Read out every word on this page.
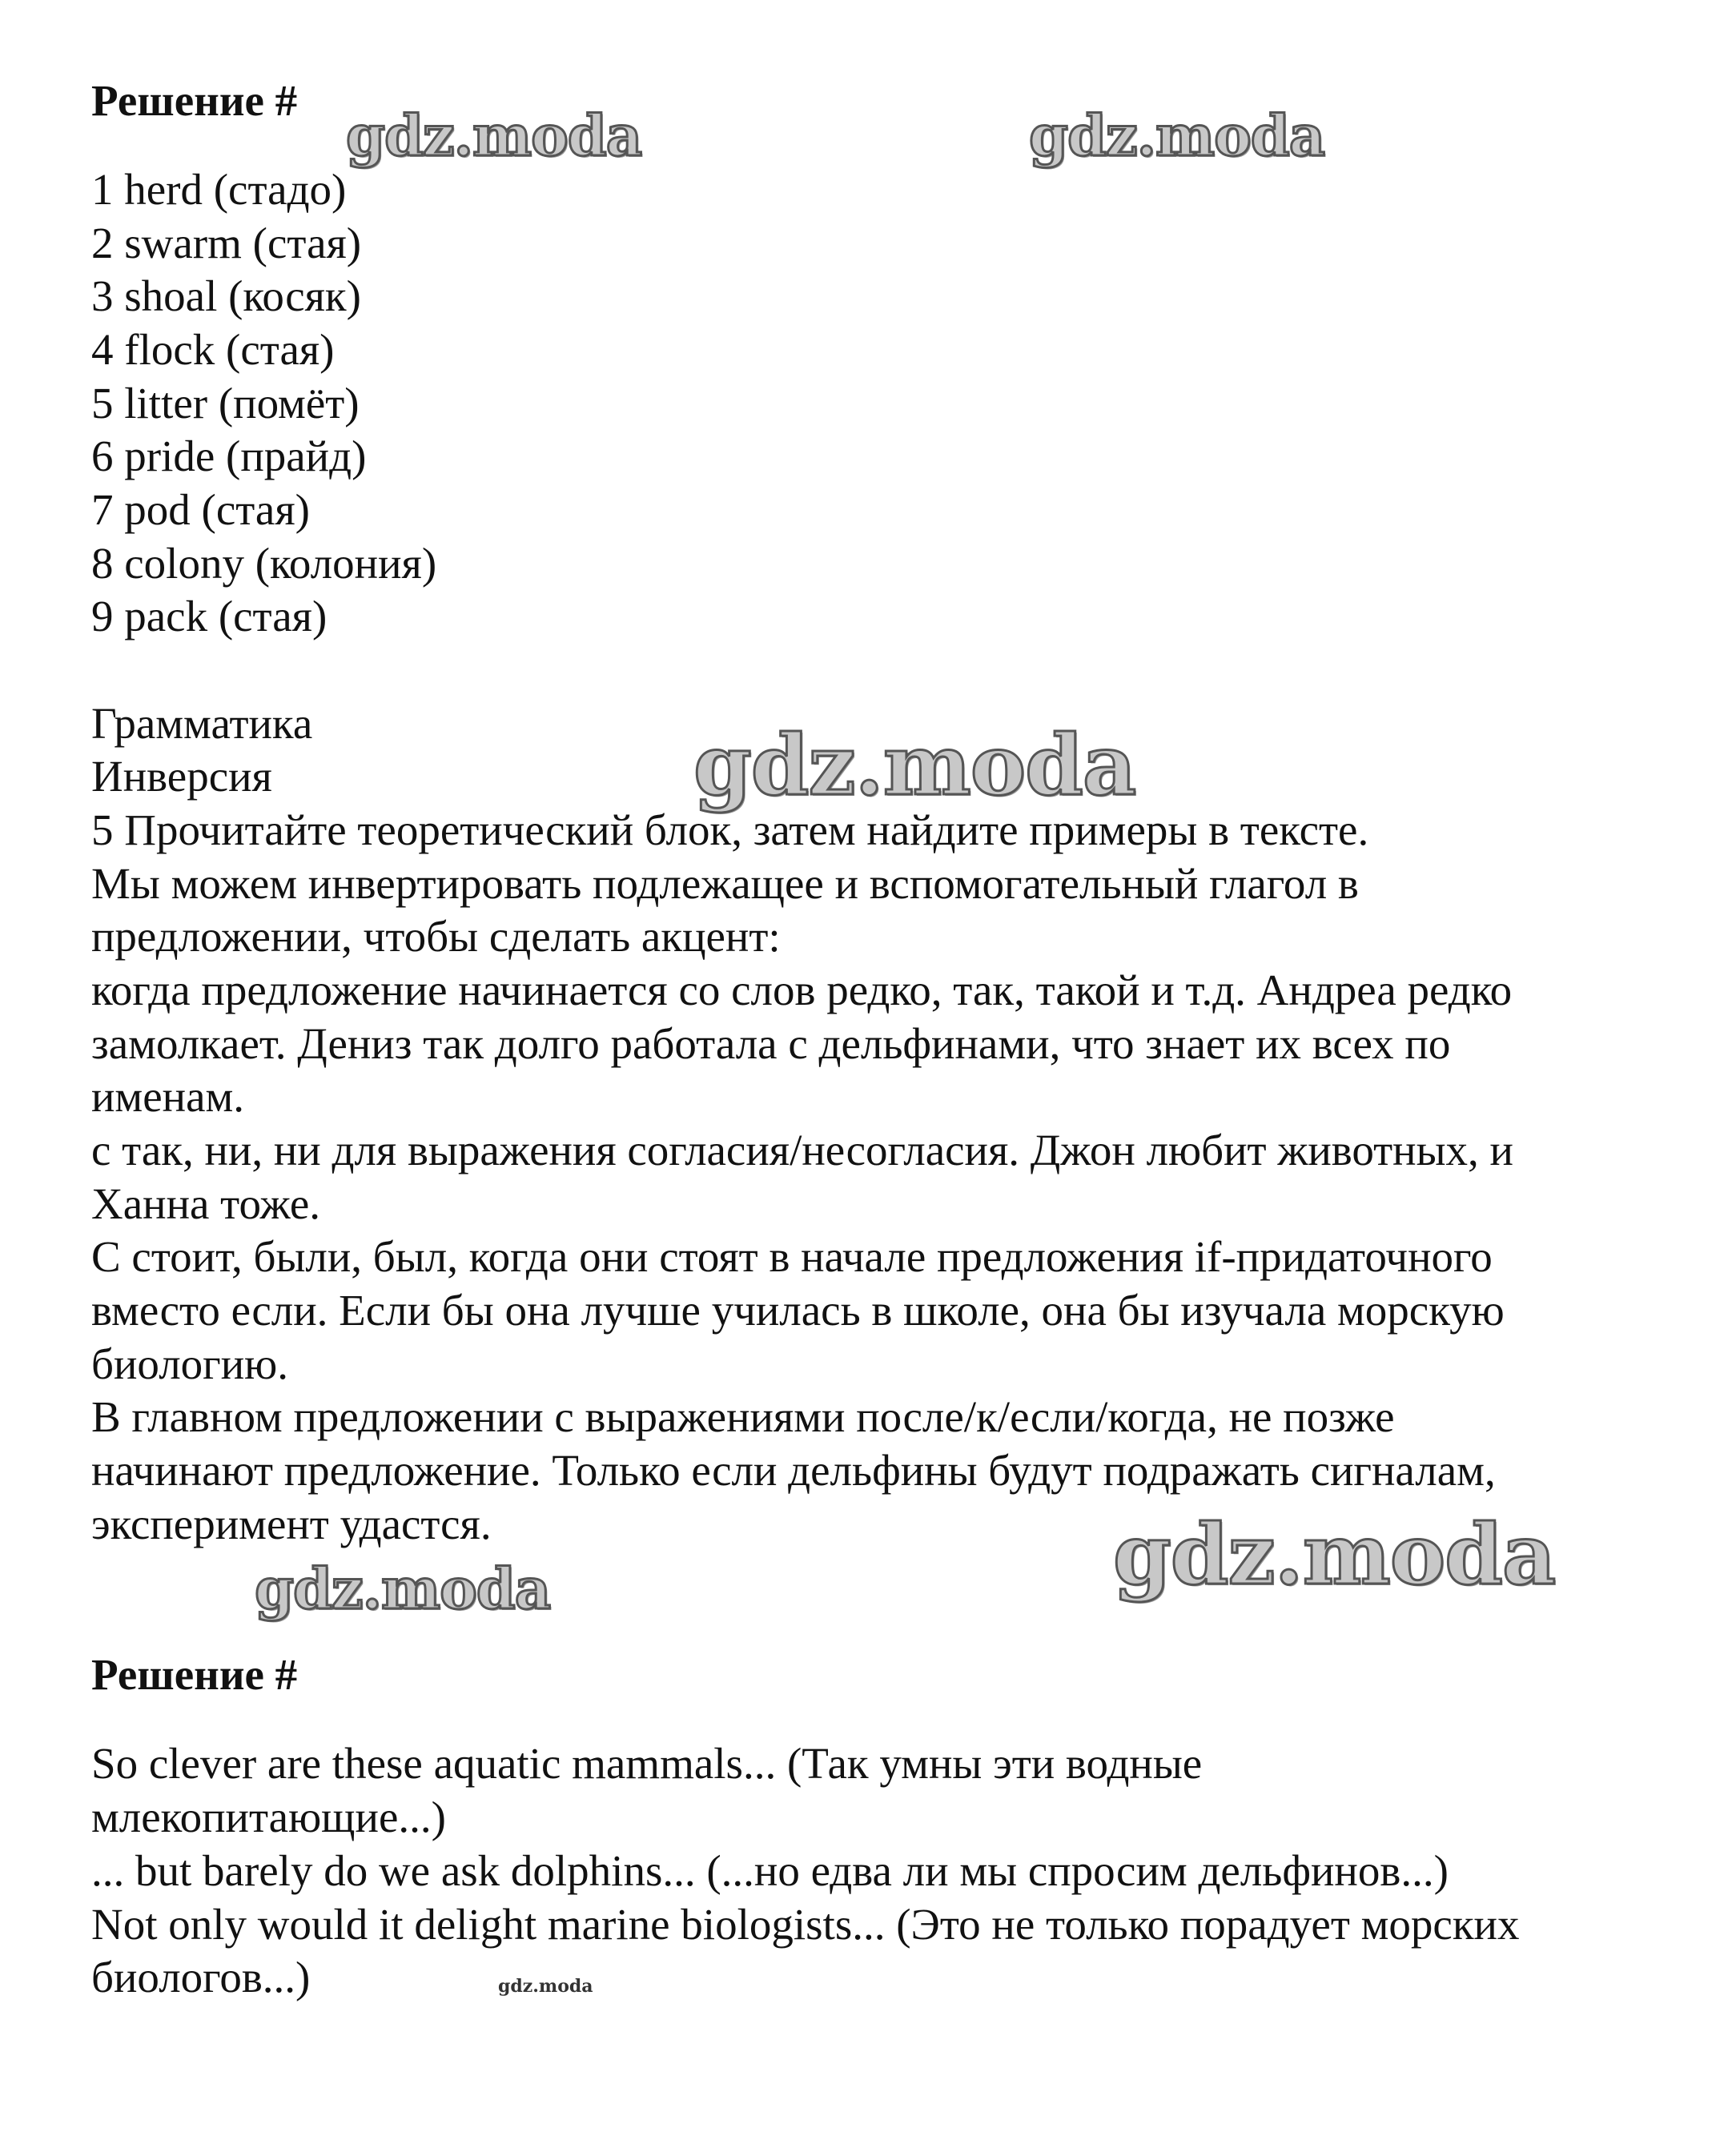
Решение #
1 herd (стадо)
2 swarm (стая)
3 shoal (косяк)
4 flock (стая)
5 litter (помёт)
6 pride (прайд)
7 pod (стая)
8 colony (колония)
9 pack (стая)
Грамматика
Инверсия
5 Прочитайте теоретический блок, затем найдите примеры в тексте.
Мы можем инвертировать подлежащее и вспомогательный глагол в
предложении, чтобы сделать акцент:
когда предложение начинается со слов редко, так, такой и т.д. Андреа редко
замолкает. Дениз так долго работала с дельфинами, что знает их всех по
именам.
с так, ни, ни для выражения согласия/несогласия. Джон любит животных, и
Ханна тоже.
С стоит, были, был, когда они стоят в начале предложения if-придаточного
вместо если. Если бы она лучше училась в школе, она бы изучала морскую
биологию.
В главном предложении с выражениями после/к/если/когда, не позже
начинают предложение. Только если дельфины будут подражать сигналам,
эксперимент удастся.
Решение #
So clever are these aquatic mammals... (Так умны эти водные
млекопитающие...)
... but barely do we ask dolphins... (...но едва ли мы спросим дельфинов...)
Not only would it delight marine biologists... (Это не только порадует морских
биологов...)
gdz.moda	gdz.moda
gdz.moda
gdz.moda
gdz.moda
gdz.moda
